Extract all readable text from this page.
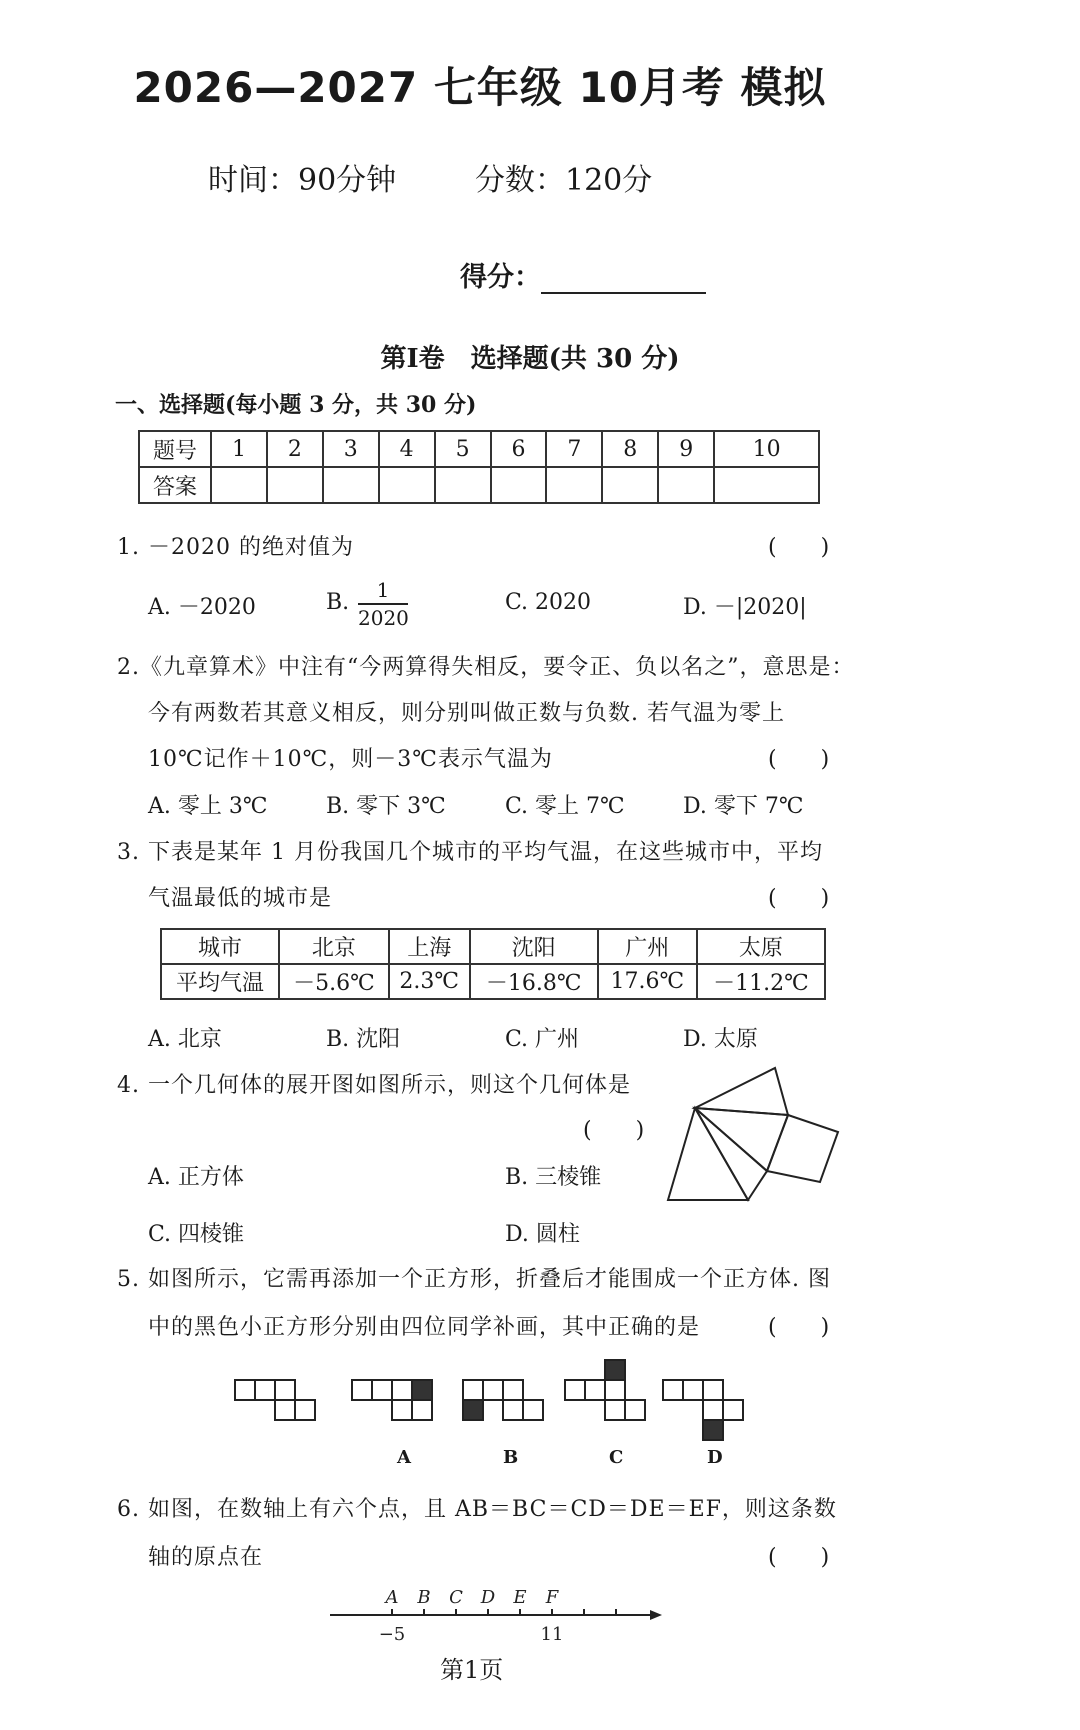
2026—2027 七年级 10月考 模拟
时间：90分钟	分数：120分
得分：
第Ⅰ卷　选择题(共 30 分)
一、选择题(每小题 3 分，共 30 分)
题号	1	2	3	4	5	6	7	8	9	10
答案										
1. －2020 的绝对值为	(　　)
A. －2020	B.	1
2020
C. 2020	D. －|2020|
2.《九章算术》中注有“今两算得失相反，要令正、负以名之”，意思是：
今有两数若其意义相反，则分别叫做正数与负数. 若气温为零上
10℃记作＋10℃，则－3℃表示气温为	(　　)
A. 零上 3℃	B. 零下 3℃	C. 零上 7℃	D. 零下 7℃
3. 下表是某年 1 月份我国几个城市的平均气温，在这些城市中，平均
气温最低的城市是	(　　)
城市	北京	上海	沈阳	广州	太原
平均气温	－5.6℃	2.3℃	－16.8℃	17.6℃	－11.2℃
A. 北京	B. 沈阳	C. 广州	D. 太原
4. 一个几何体的展开图如图所示，则这个几何体是
(　　)
A. 正方体	B. 三棱锥
C. 四棱锥	D. 圆柱
5. 如图所示，它需再添加一个正方形，折叠后才能围成一个正方体. 图
中的黑色小正方形分别由四位同学补画，其中正确的是	(　　)
A	B	C	D
6. 如图，在数轴上有六个点，且 AB＝BC＝CD＝DE＝EF，则这条数
轴的原点在	(　　)
A B C D E F
−5	11
第1页
